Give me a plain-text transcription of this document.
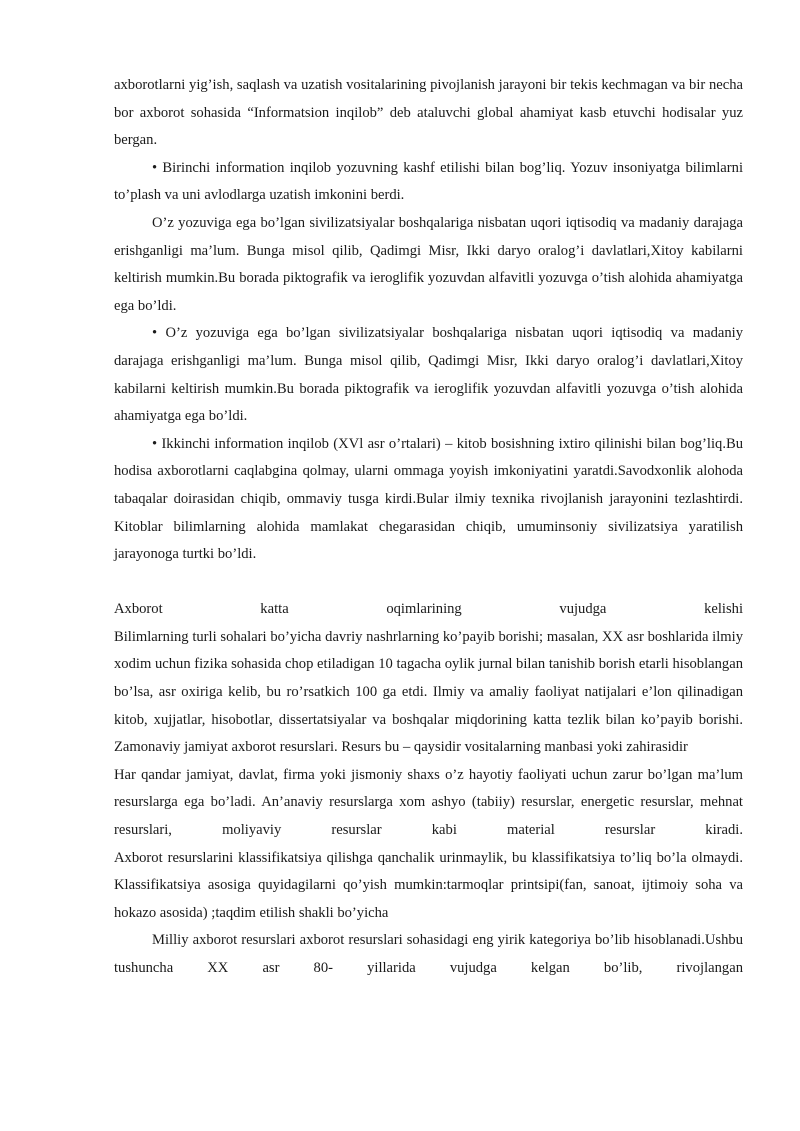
axborotlarni yig’ish, saqlash va uzatish vositalarining pivojlanish jarayoni bir tekis kechmagan va bir necha bor axborot sohasida “Informatsion inqilob” deb ataluvchi global ahamiyat kasb etuvchi hodisalar yuz bergan.

• Birinchi information inqilob yozuvning kashf etilishi bilan bog’liq. Yozuv insoniyatga bilimlarni to’plash va uni avlodlarga uzatish imkonini berdi.

O’z yozuviga ega bo’lgan sivilizatsiyalar boshqalariga nisbatan uqori iqtisodiq va madaniy darajaga erishganligi ma’lum. Bunga misol qilib, Qadimgi Misr, Ikki daryo oralog’i davlatlari,Xitoy kabilarni keltirish mumkin.Bu borada piktografik va ieroglifik yozuvdan alfavitli yozuvga o’tish alohida ahamiyatga ega bo’ldi.

• O’z yozuviga ega bo’lgan sivilizatsiyalar boshqalariga nisbatan uqori iqtisodiq va madaniy darajaga erishganligi ma’lum. Bunga misol qilib, Qadimgi Misr, Ikki daryo oralog’i davlatlari,Xitoy kabilarni keltirish mumkin.Bu borada piktografik va ieroglifik yozuvdan alfavitli yozuvga o’tish alohida ahamiyatga ega bo’ldi.

• Ikkinchi information inqilob (XVl asr o’rtalari) – kitob bosishning ixtiro qilinishi bilan bog’liq.Bu hodisa axborotlarni caqlabgina qolmay, ularni ommaga yoyish imkoniyatini yaratdi.Savodxonlik alohoda tabaqalar doirasidan chiqib, ommaviy tusga kirdi.Bular ilmiy texnika rivojlanish jarayonini tezlashtirdi. Kitoblar bilimlarning alohida mamlakat chegarasidan chiqib, umuminsoniy sivilizatsiya yaratilish jarayonoga turtki bo’ldi.

Axborot katta oqimlarining vujudga kelishi

Bilimlarning turli sohalari bo’yicha davriy nashrlarning ko’payib borishi; masalan, XX asr boshlarida ilmiy xodim uchun fizika sohasida chop etiladigan 10 tagacha oylik jurnal bilan tanishib borish etarli hisoblangan bo’lsa, asr oxiriga kelib, bu ro’rsatkich 100 ga etdi. Ilmiy va amaliy faoliyat natijalari e’lon qilinadigan kitob, xujjatlar, hisobotlar, dissertatsiyalar va boshqalar miqdorining katta tezlik bilan ko’payib borishi.

Zamonaviy jamiyat axborot resurslari. Resurs bu – qaysidir vositalarning manbasi yoki zahirasidir

Har qandar jamiyat, davlat, firma yoki jismoniy shaxs o’z hayotiy faoliyati uchun zarur bo’lgan ma’lum resurslarga ega bo’ladi. An’anaviy resurslarga xom ashyo (tabiiy) resurslar, energetic resurslar, mehnat resurslari, moliyaviy resurslar kabi material resurslar kiradi.

Axborot resurslarini klassifikatsiya qilishga qanchalik urinmaylik, bu klassifikatsiya to’liq bo’la olmaydi. Klassifikatsiya asosiga quyidagilarni qo’yish mumkin:tarmoqlar printsipi(fan, sanoat, ijtimoiy soha va hokazo asosida) ;taqdim etilish shakli bo’yicha

Milliy axborot resurslari axborot resurslari sohasidagi eng yirik kategoriya bo’lib hisoblanadi.Ushbu tushuncha XX asr 80- yillarida vujudga kelgan bo’lib, rivojlangan
